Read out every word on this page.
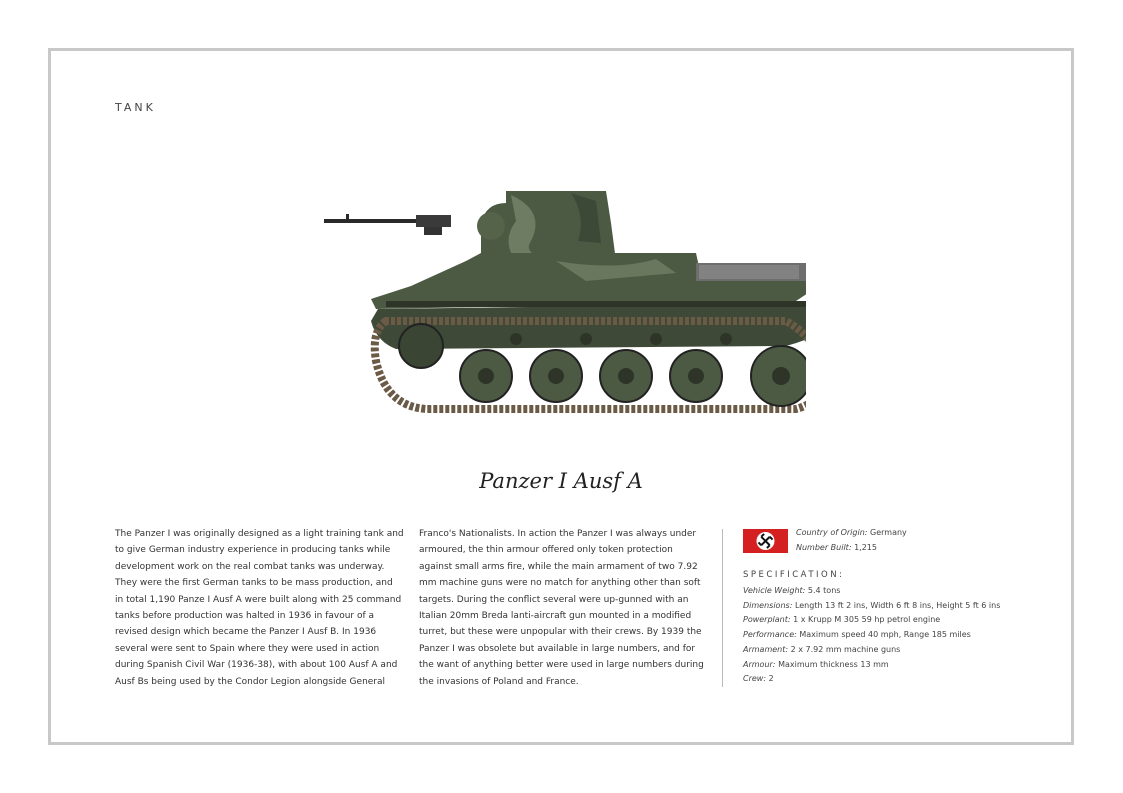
TANK
Panzer I Ausf A
The Panzer I was originally designed as a light training tank and
to give German industry experience in producing tanks while
development work on the real combat tanks was underway.
They were the first German tanks to be mass production, and
in total 1,190 Panze I Ausf A were built along with 25 command
tanks before production was halted in 1936 in favour of a
revised design which became the Panzer I Ausf B. In 1936
several were sent to Spain where they were used in action
during Spanish Civil War (1936-38), with about 100 Ausf A and
Ausf Bs being used by the Condor Legion alongside General
Franco's Nationalists. In action the Panzer I was always under
armoured, the thin armour offered only token protection
against small arms fire, while the main armament of two 7.92
mm machine guns were no match for anything other than soft
targets. During the conflict several were up-gunned with an
Italian 20mm Breda lanti-aircraft gun mounted in a modified
turret, but these were unpopular with their crews. By 1939 the
Panzer I was obsolete but available in large numbers, and for
the want of anything better were used in large numbers during
the invasions of Poland and France.
Country of Origin: Germany
Number Built: 1,215
SPECIFICATION:
Vehicle Weight: 5.4 tons
Dimensions: Length 13 ft 2 ins, Width 6 ft 8 ins, Height 5 ft 6 ins
Powerplant: 1 x Krupp M 305 59 hp petrol engine
Performance: Maximum speed 40 mph, Range 185 miles
Armament: 2 x 7.92 mm machine guns
Armour: Maximum thickness 13 mm
Crew: 2
